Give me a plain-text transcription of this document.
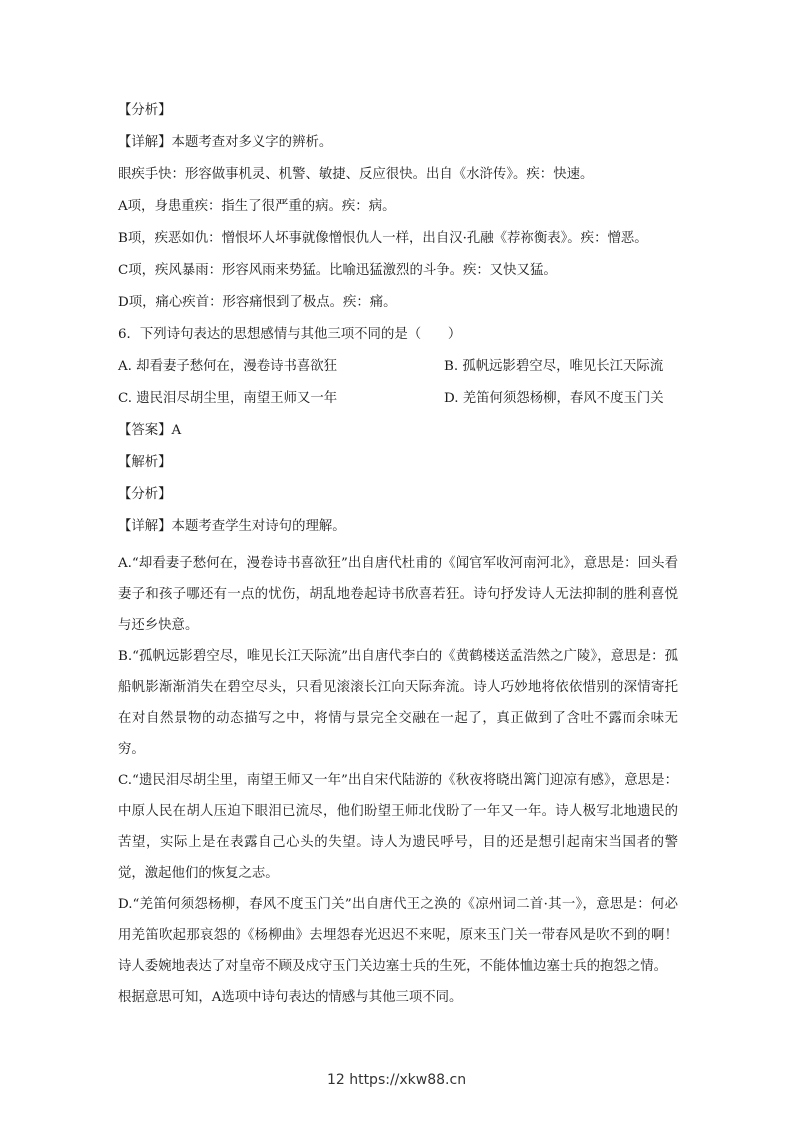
【分析】

【详解】本题考查对多义字的辨析。

眼疾手快：形容做事机灵、机警、敏捷、反应很快。出自《水浒传》。疾：快速。

A项，身患重疾：指生了很严重的病。疾：病。

B项，疾恶如仇：憎恨坏人坏事就像憎恨仇人一样，出自汉·孔融《荐祢衡表》。疾：憎恶。

C项，疾风暴雨：形容风雨来势猛。比喻迅猛激烈的斗争。疾：又快又猛。

D项，痛心疾首：形容痛恨到了极点。疾：痛。

6．下列诗句表达的思想感情与其他三项不同的是（　　）

A. 却看妻子愁何在，漫卷诗书喜欲狂	B. 孤帆远影碧空尽，唯见长江天际流
C. 遗民泪尽胡尘里，南望王师又一年	D. 羌笛何须怨杨柳，春风不度玉门关

【答案】A

【解析】

【分析】

【详解】本题考查学生对诗句的理解。

A.“却看妻子愁何在，漫卷诗书喜欲狂”出自唐代杜甫的《闻官军收河南河北》，意思是：回头看妻子和孩子哪还有一点的忧伤，胡乱地卷起诗书欣喜若狂。诗句抒发诗人无法抑制的胜利喜悦与还乡快意。

B.“孤帆远影碧空尽，唯见长江天际流”出自唐代李白的《黄鹤楼送孟浩然之广陵》，意思是：孤船帆影渐渐消失在碧空尽头，只看见滚滚长江向天际奔流。诗人巧妙地将依依惜别的深情寄托在对自然景物的动态描写之中，将情与景完全交融在一起了，真正做到了含吐不露而余味无穷。

C.“遗民泪尽胡尘里，南望王师又一年”出自宋代陆游的《秋夜将晓出篱门迎凉有感》，意思是：中原人民在胡人压迫下眼泪已流尽，他们盼望王师北伐盼了一年又一年。诗人极写北地遗民的苦望，实际上是在表露自己心头的失望。诗人为遗民呼号，目的还是想引起南宋当国者的警觉，激起他们的恢复之志。

D.“羌笛何须怨杨柳，春风不度玉门关”出自唐代王之涣的《凉州词二首·其一》，意思是：何必用羌笛吹起那哀怨的《杨柳曲》去埋怨春光迟迟不来呢，原来玉门关一带春风是吹不到的啊！诗人委婉地表达了对皇帝不顾及戍守玉门关边塞士兵的生死，不能体恤边塞士兵的抱怨之情。

根据意思可知，A选项中诗句表达的情感与其他三项不同。

12 https://xkw88.cn
